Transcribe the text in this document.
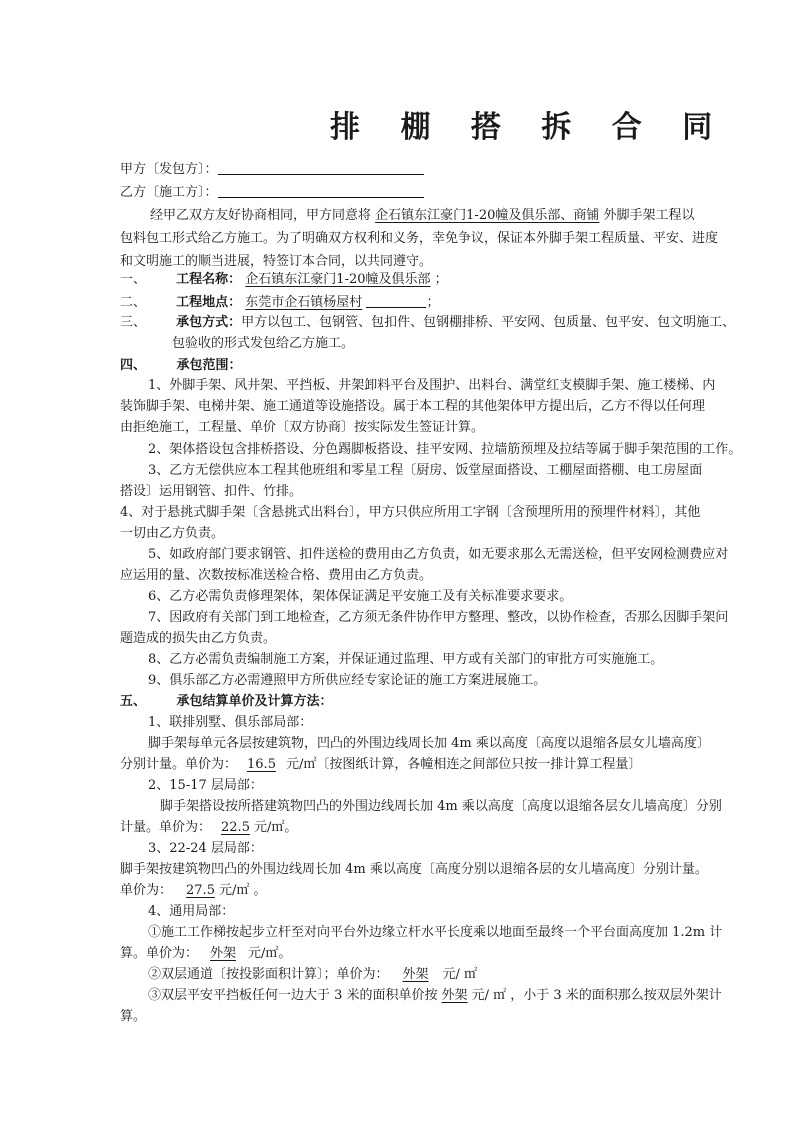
排 棚 搭 拆 合 同
甲方〔发包方〕：
乙方〔施工方〕：
经甲乙双方友好协商相同，甲方同意将 企石镇东江豪门1-20幢及俱乐部、商铺 外脚手架工程以
包料包工形式给乙方施工。为了明确双方权利和义务，幸免争议，保证本外脚手架工程质量、平安、进度
和文明施工的顺当进展，特签订本合同，以共同遵守。
一、 工程名称： 企石镇东江豪门1-20幢及俱乐部 ；
二、 工程地点： 东莞市企石镇杨屋村	；
三、 承包方式：甲方以包工、包钢管、包扣件、包钢棚排桥、平安网、包质量、包平安、包文明施工、
包验收的形式发包给乙方施工。
四、 承包范围：
1、外脚手架、风井架、平挡板、井架卸料平台及围护、出料台、满堂红支模脚手架、施工楼梯、内
装饰脚手架、电梯井架、施工通道等设施搭设。属于本工程的其他架体甲方提出后，乙方不得以任何理
由拒绝施工，工程量、单价〔双方协商〕按实际发生签证计算。
2、架体搭设包含排桥搭设、分色踢脚板搭设、挂平安网、拉墙筋预埋及拉结等属于脚手架范围的工作。
3、乙方无偿供应本工程其他班组和零星工程〔厨房、饭堂屋面搭设、工棚屋面搭棚、电工房屋面
搭设〕运用钢管、扣件、竹排。
4、对于悬挑式脚手架〔含悬挑式出料台〕，甲方只供应所用工字钢〔含预埋所用的预埋件材料〕，其他
一切由乙方负责。
5、如政府部门要求钢管、扣件送检的费用由乙方负责，如无要求那么无需送检，但平安网检测费应对
应运用的量、次数按标准送检合格、费用由乙方负责。
6、乙方必需负责修理架体，架体保证满足平安施工及有关标准要求要求。
7、因政府有关部门到工地检查，乙方须无条件协作甲方整理、整改，以协作检查，否那么因脚手架问
题造成的损失由乙方负责。
8、乙方必需负责编制施工方案，并保证通过监理、甲方或有关部门的审批方可实施施工。
9、俱乐部乙方必需遵照甲方所供应经专家论证的施工方案进展施工。
五、 承包结算单价及计算方法：
1、联排别墅、俱乐部局部：
脚手架每单元各层按建筑物，凹凸的外围边线周长加 4m 乘以高度〔高度以退缩各层女儿墙高度〕
分别计量。单价为： 16.5 元/㎡〔按图纸计算，各幢相连之间部位只按一排计算工程量〕
2、15-17 层局部：
脚手架搭设按所搭建筑物凹凸的外围边线周长加 4m 乘以高度〔高度以退缩各层女儿墙高度〕分别
计量。单价为： 22.5 元/㎡。
3、22-24 层局部：
脚手架按建筑物凹凸的外围边线周长加 4m 乘以高度〔高度分别以退缩各层的女儿墙高度〕分别计量。
单价为： 27.5 元/㎡ 。
4、通用局部：
①施工工作梯按起步立杆至对向平台外边缘立杆水平长度乘以地面至最终一个平台面高度加 1.2m 计
算。单价为： 外架 元/㎡。
②双层通道〔按投影面积计算〕；单价为： 外架 元/ ㎡
③双层平安平挡板任何一边大于 3 米的面积单价按 外架 元/ ㎡ ，小于 3 米的面积那么按双层外架计
算。
